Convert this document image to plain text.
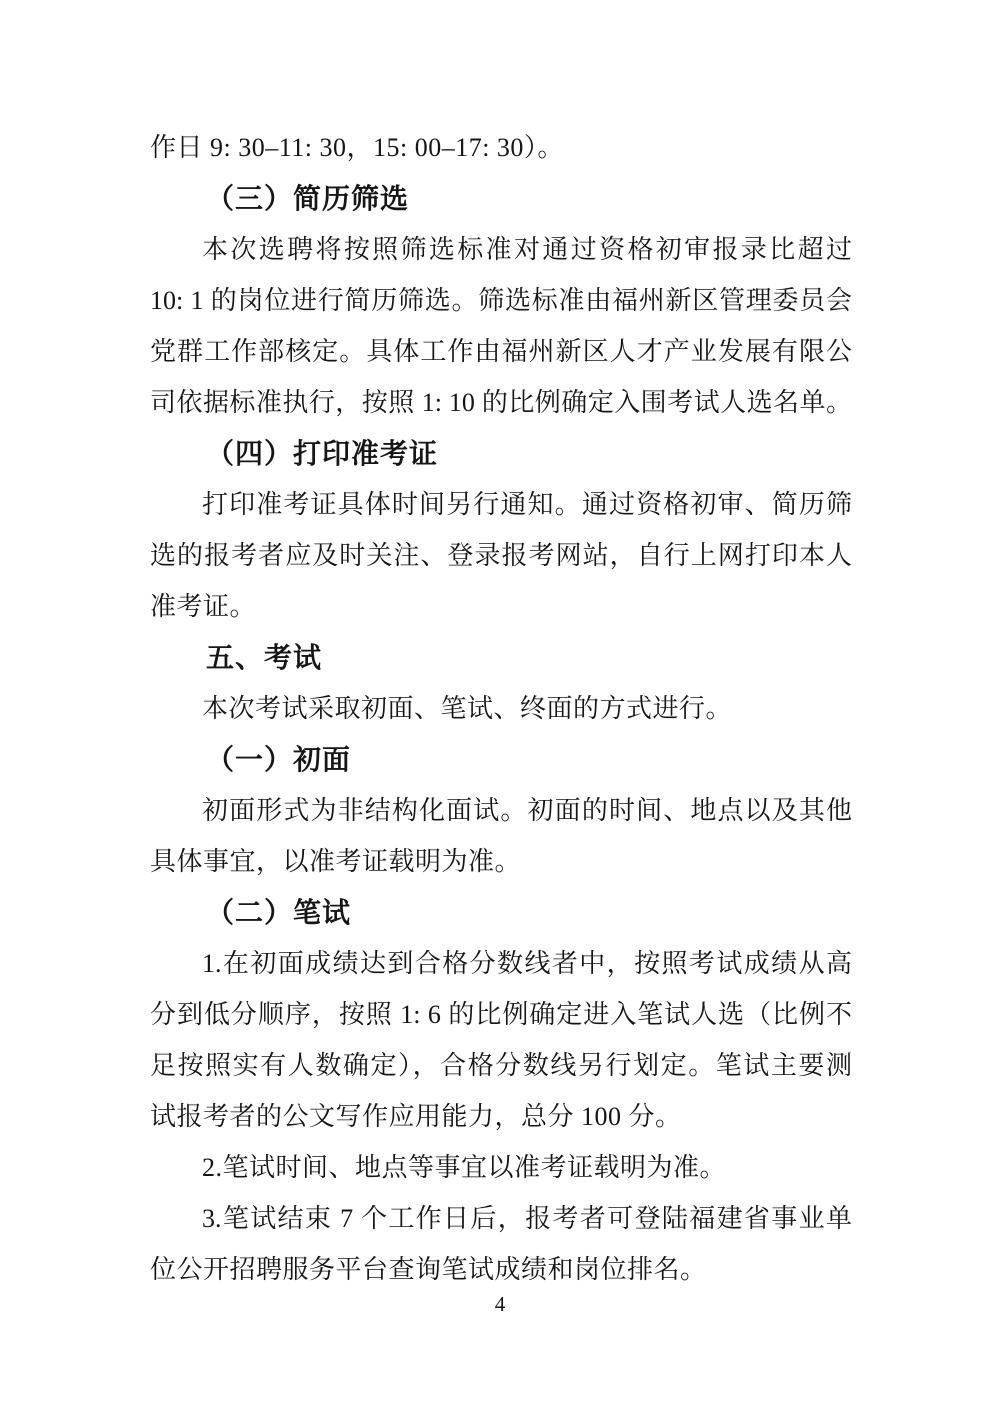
作日 9: 30–11: 30，15: 00–17: 30）。
（三）简历筛选
本次选聘将按照筛选标准对通过资格初审报录比超过
10: 1 的岗位进行简历筛选。筛选标准由福州新区管理委员会
党群工作部核定。具体工作由福州新区人才产业发展有限公
司依据标准执行，按照 1: 10 的比例确定入围考试人选名单。
（四）打印准考证
打印准考证具体时间另行通知。通过资格初审、简历筛
选的报考者应及时关注、登录报考网站，自行上网打印本人
准考证。
五、考试
本次考试采取初面、笔试、终面的方式进行。
（一）初面
初面形式为非结构化面试。初面的时间、地点以及其他
具体事宜，以准考证载明为准。
（二）笔试
1.在初面成绩达到合格分数线者中，按照考试成绩从高
分到低分顺序，按照 1: 6 的比例确定进入笔试人选（比例不
足按照实有人数确定），合格分数线另行划定。笔试主要测
试报考者的公文写作应用能力，总分 100 分。
2.笔试时间、地点等事宜以准考证载明为准。
3.笔试结束 7 个工作日后，报考者可登陆福建省事业单
位公开招聘服务平台查询笔试成绩和岗位排名。
4
